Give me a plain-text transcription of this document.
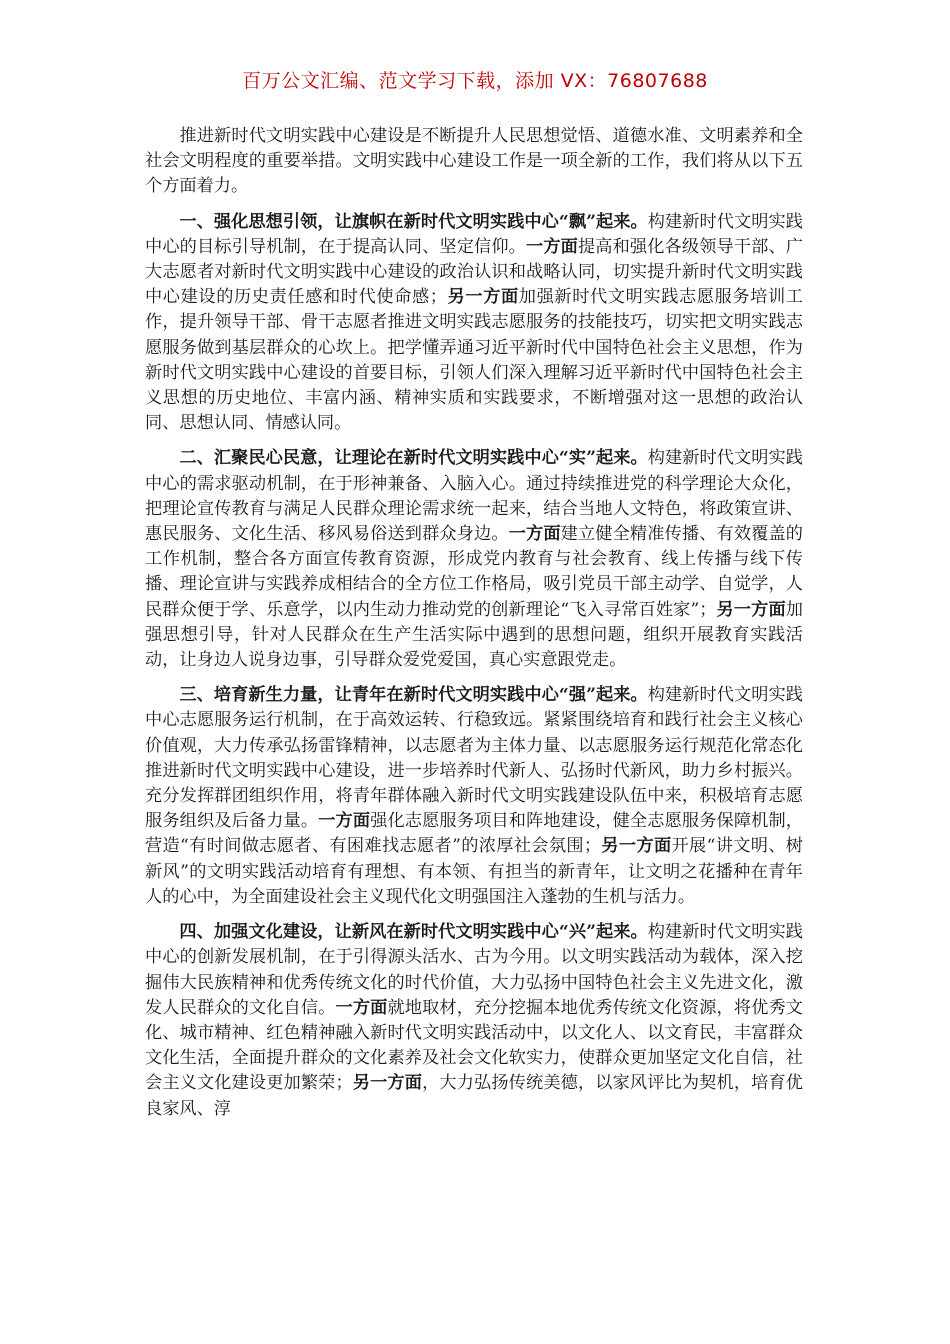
百万公文汇编、范文学习下载，添加 VX：76807688

推进新时代文明实践中心建设是不断提升人民思想觉悟、道德水准、文明素养和全社会文明程度的重要举措。文明实践中心建设工作是一项全新的工作，我们将从以下五个方面着力。

一、强化思想引领，让旗帜在新时代文明实践中心“飘”起来。构建新时代文明实践中心的目标引导机制，在于提高认同、坚定信仰。一方面提高和强化各级领导干部、广大志愿者对新时代文明实践中心建设的政治认识和战略认同，切实提升新时代文明实践中心建设的历史责任感和时代使命感；另一方面加强新时代文明实践志愿服务培训工作，提升领导干部、骨干志愿者推进文明实践志愿服务的技能技巧，切实把文明实践志愿服务做到基层群众的心坎上。把学懂弄通习近平新时代中国特色社会主义思想，作为新时代文明实践中心建设的首要目标，引领人们深入理解习近平新时代中国特色社会主义思想的历史地位、丰富内涵、精神实质和实践要求，不断增强对这一思想的政治认同、思想认同、情感认同。

二、汇聚民心民意，让理论在新时代文明实践中心“实”起来。构建新时代文明实践中心的需求驱动机制，在于形神兼备、入脑入心。通过持续推进党的科学理论大众化，把理论宣传教育与满足人民群众理论需求统一起来，结合当地人文特色，将政策宣讲、惠民服务、文化生活、移风易俗送到群众身边。一方面建立健全精准传播、有效覆盖的工作机制，整合各方面宣传教育资源，形成党内教育与社会教育、线上传播与线下传播、理论宣讲与实践养成相结合的全方位工作格局，吸引党员干部主动学、自觉学，人民群众便于学、乐意学，以内生动力推动党的创新理论“飞入寻常百姓家”；另一方面加强思想引导，针对人民群众在生产生活实际中遇到的思想问题，组织开展教育实践活动，让身边人说身边事，引导群众爱党爱国，真心实意跟党走。

三、培育新生力量，让青年在新时代文明实践中心“强”起来。构建新时代文明实践中心志愿服务运行机制，在于高效运转、行稳致远。紧紧围绕培育和践行社会主义核心价值观，大力传承弘扬雷锋精神，以志愿者为主体力量、以志愿服务运行规范化常态化推进新时代文明实践中心建设，进一步培养时代新人、弘扬时代新风，助力乡村振兴。充分发挥群团组织作用，将青年群体融入新时代文明实践建设队伍中来，积极培育志愿服务组织及后备力量。一方面强化志愿服务项目和阵地建设，健全志愿服务保障机制，营造“有时间做志愿者、有困难找志愿者”的浓厚社会氛围；另一方面开展“讲文明、树新风”的文明实践活动培育有理想、有本领、有担当的新青年，让文明之花播种在青年人的心中，为全面建设社会主义现代化文明强国注入蓬勃的生机与活力。

四、加强文化建设，让新风在新时代文明实践中心“兴”起来。构建新时代文明实践中心的创新发展机制，在于引得源头活水、古为今用。以文明实践活动为载体，深入挖掘伟大民族精神和优秀传统文化的时代价值，大力弘扬中国特色社会主义先进文化，激发人民群众的文化自信。一方面就地取材，充分挖掘本地优秀传统文化资源，将优秀文化、城市精神、红色精神融入新时代文明实践活动中，以文化人、以文育民，丰富群众文化生活，全面提升群众的文化素养及社会文化软实力，使群众更加坚定文化自信，社会主义文化建设更加繁荣；另一方面，大力弘扬传统美德，以家风评比为契机，培育优良家风、淳
